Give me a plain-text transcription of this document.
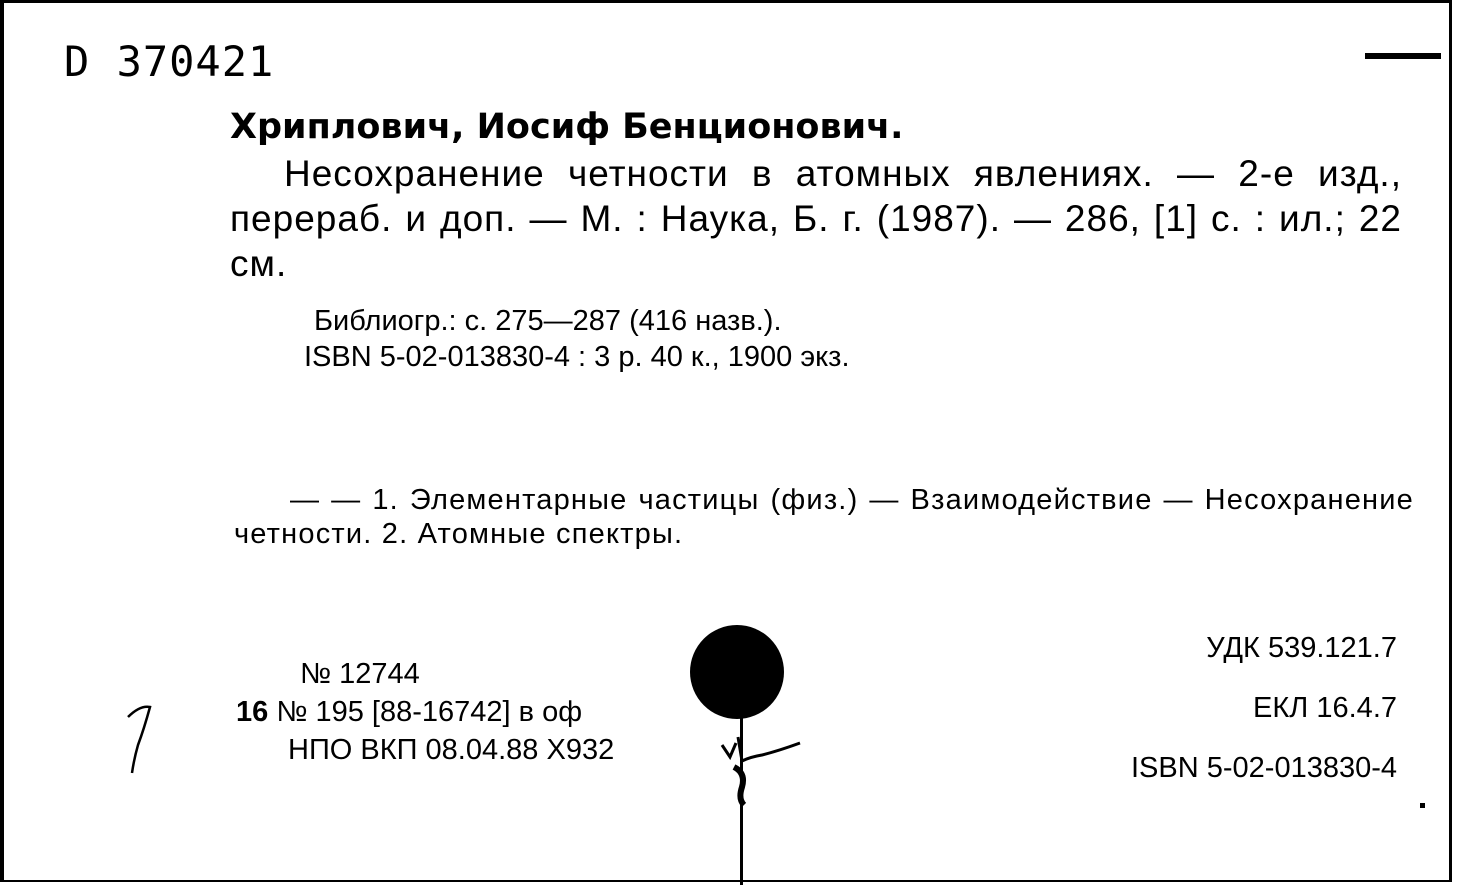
D 370421
Хриплович, Иосиф Бенционович.
Несохранение четности в атомных явлениях. — 2-е изд., перераб. и доп. — М. : Наука, Б. г. (1987). — 286, [1] с. : ил.; 22 см.
Библиогр.: с. 275—287 (416 назв.).
ISBN 5-02-013830-4 : 3 р. 40 к., 1900 экз.
— — 1. Элементарные частицы (физ.) — Взаимодействие — Несохранение четности. 2. Атомные спектры.
№ 12744
16 № 195 [88-16742] в оф
НПО ВКП 08.04.88 Х932
УДК 539.121.7
ЕКЛ 16.4.7
ISBN 5-02-013830-4
